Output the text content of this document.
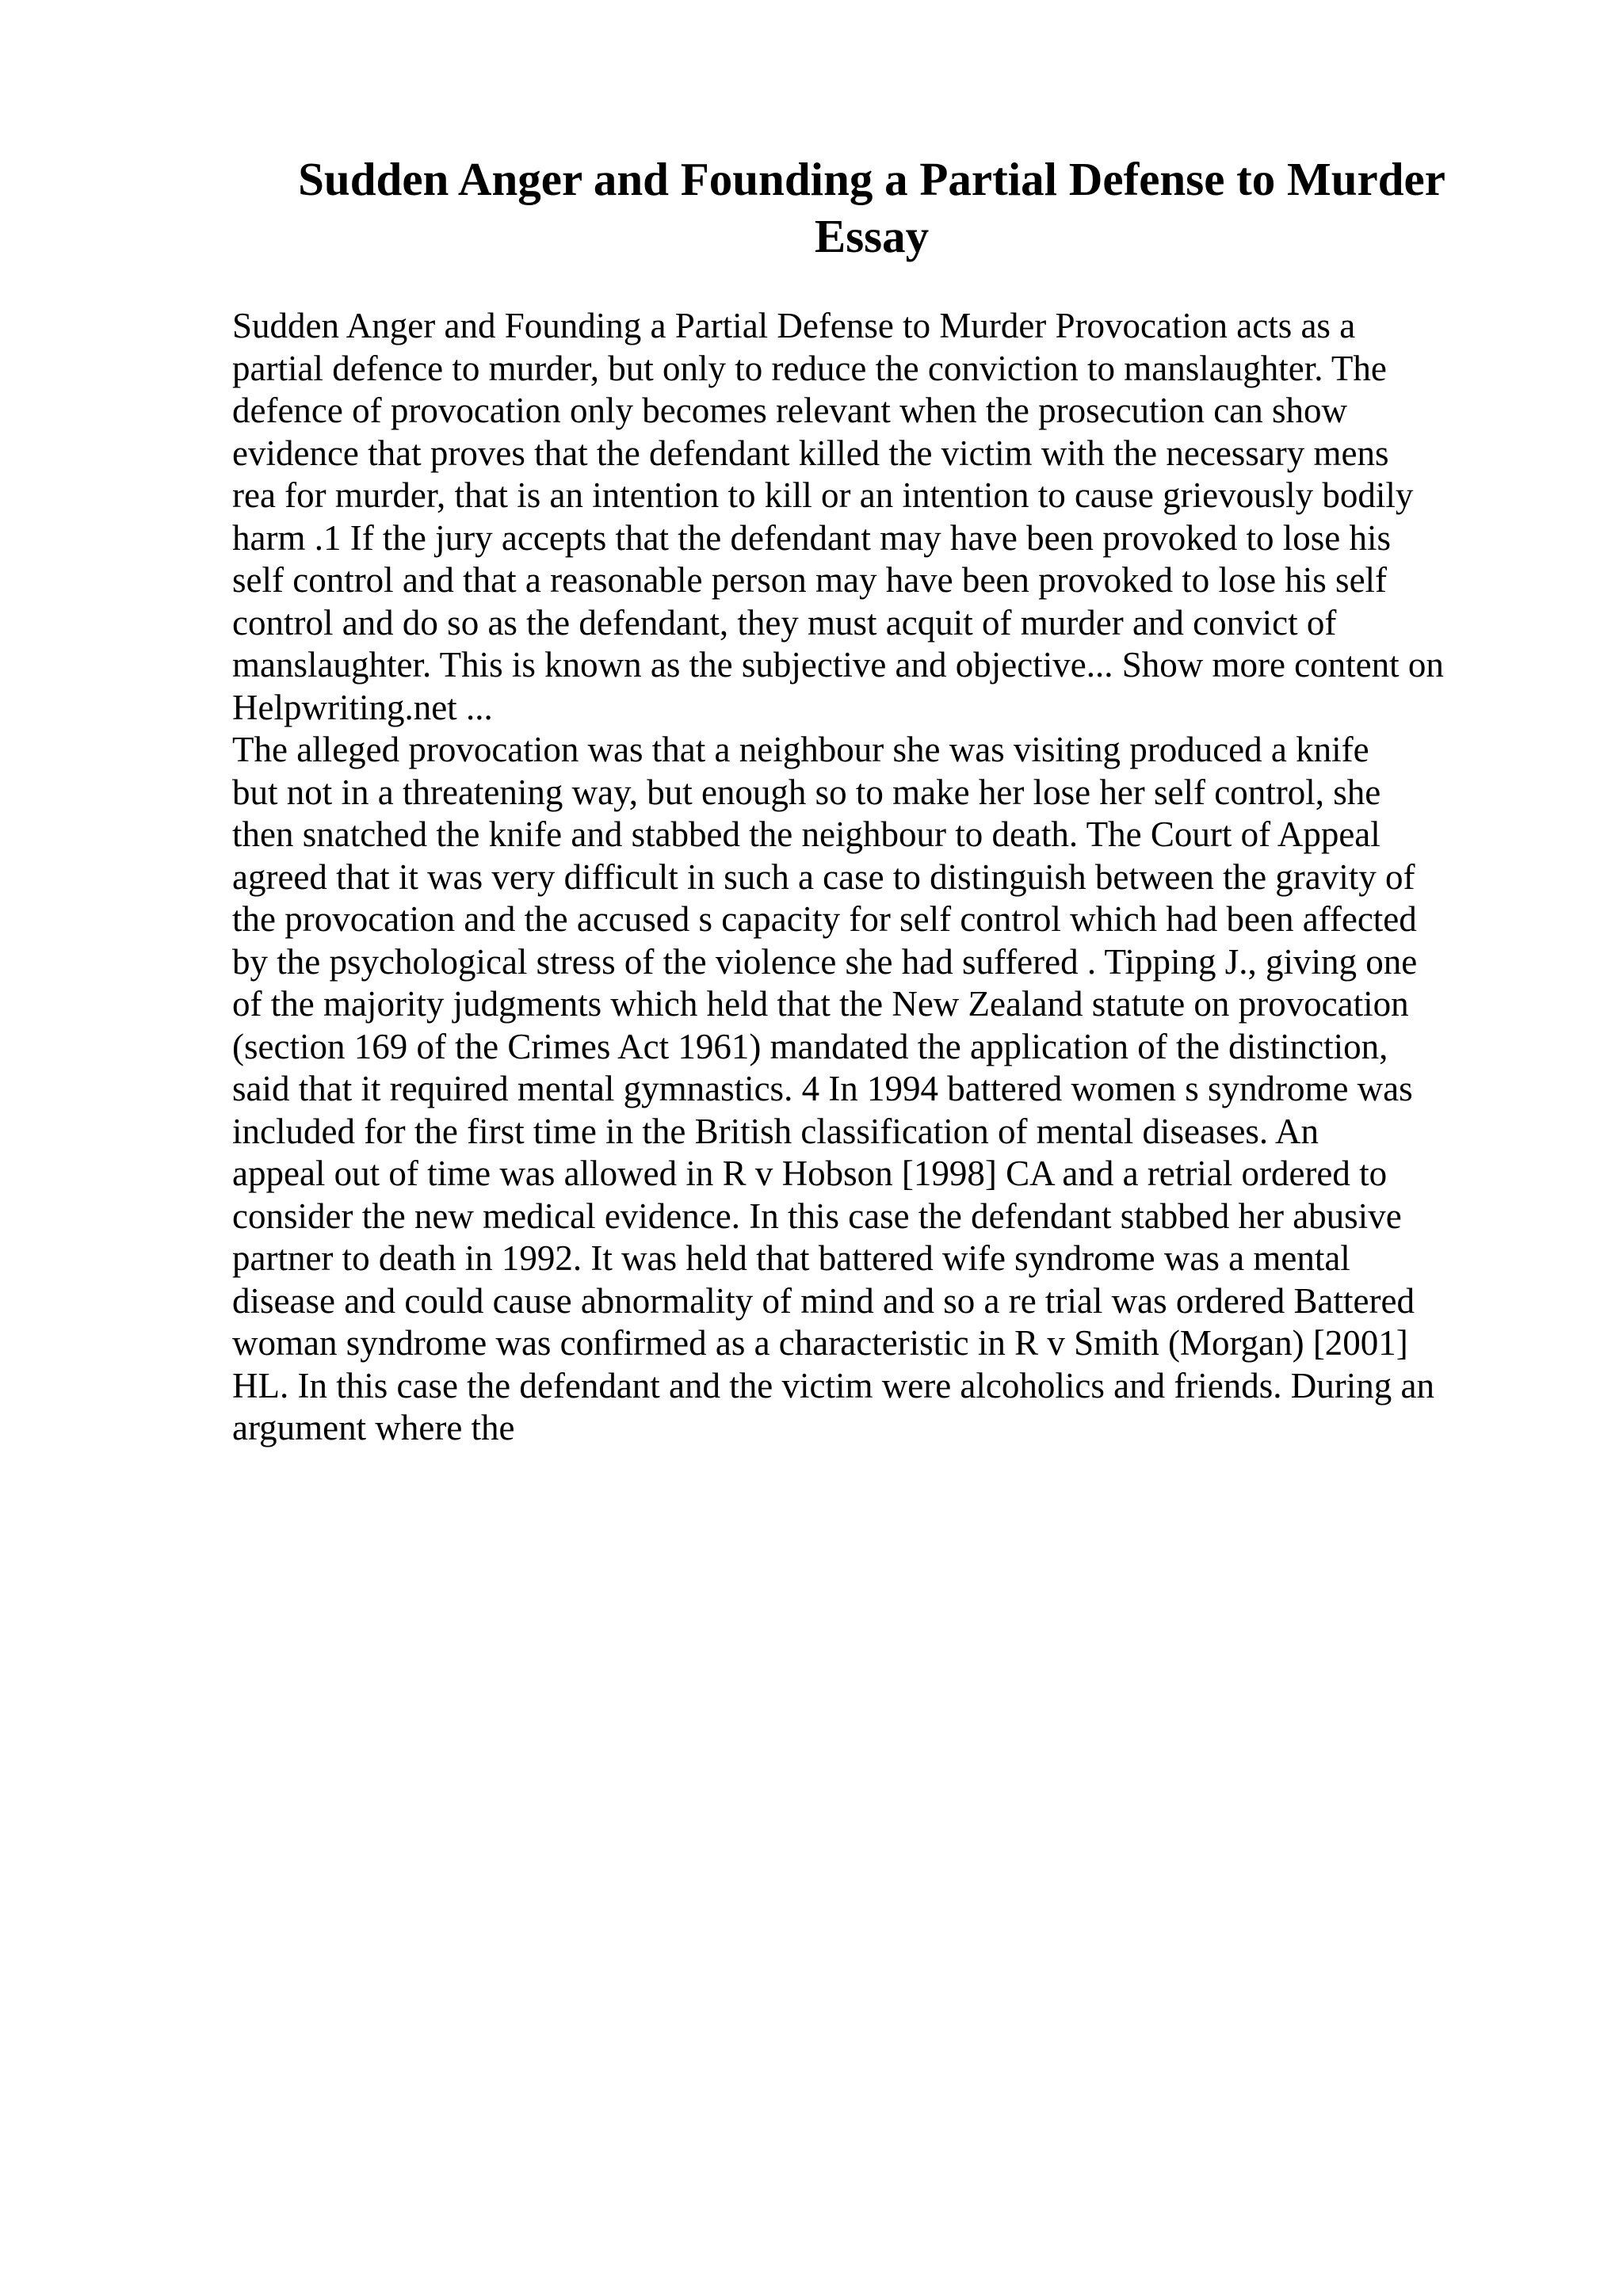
Sudden Anger and Founding a Partial Defense to Murder
Essay
Sudden Anger and Founding a Partial Defense to Murder Provocation acts as a
partial defence to murder, but only to reduce the conviction to manslaughter. The
defence of provocation only becomes relevant when the prosecution can show
evidence that proves that the defendant killed the victim with the necessary mens
rea for murder, that is an intention to kill or an intention to cause grievously bodily
harm .1 If the jury accepts that the defendant may have been provoked to lose his
self control and that a reasonable person may have been provoked to lose his self
control and do so as the defendant, they must acquit of murder and convict of
manslaughter. This is known as the subjective and objective... Show more content on
Helpwriting.net ...
The alleged provocation was that a neighbour she was visiting produced a knife
but not in a threatening way, but enough so to make her lose her self control, she
then snatched the knife and stabbed the neighbour to death. The Court of Appeal
agreed that it was very difficult in such a case to distinguish between the gravity of
the provocation and the accused s capacity for self control which had been affected
by the psychological stress of the violence she had suffered . Tipping J., giving one
of the majority judgments which held that the New Zealand statute on provocation
(section 169 of the Crimes Act 1961) mandated the application of the distinction,
said that it required mental gymnastics. 4 In 1994 battered women s syndrome was
included for the first time in the British classification of mental diseases. An
appeal out of time was allowed in R v Hobson [1998] CA and a retrial ordered to
consider the new medical evidence. In this case the defendant stabbed her abusive
partner to death in 1992. It was held that battered wife syndrome was a mental
disease and could cause abnormality of mind and so a re trial was ordered Battered
woman syndrome was confirmed as a characteristic in R v Smith (Morgan) [2001]
HL. In this case the defendant and the victim were alcoholics and friends. During an
argument where the
